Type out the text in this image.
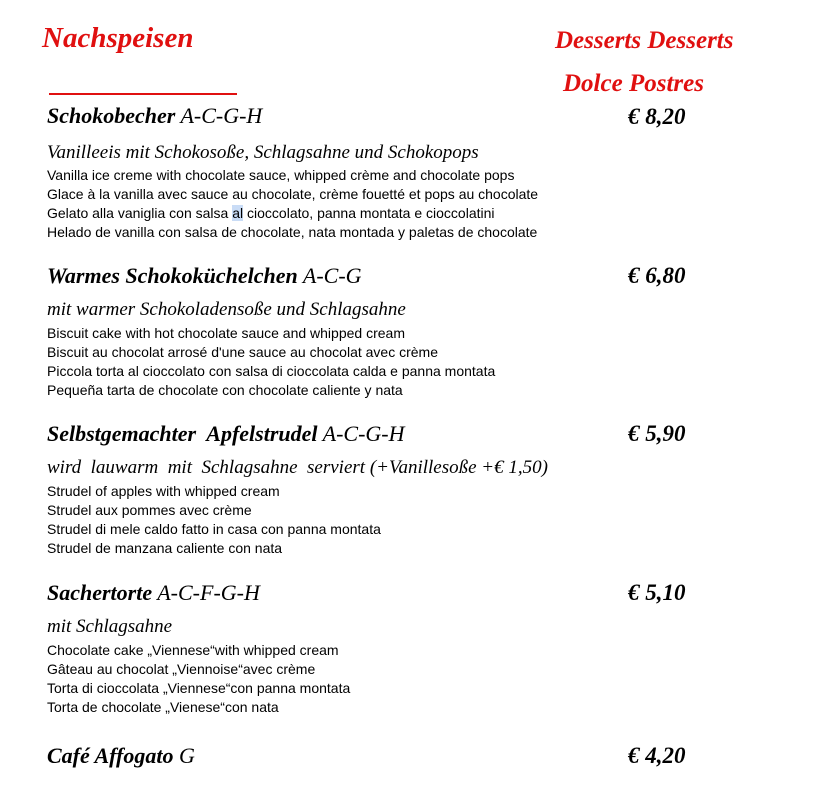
Nachspeisen	Desserts Desserts
Dolce Postres
Schokobecher A-C-G-H	€ 8,20
Vanilleeis mit Schokosoße, Schlagsahne und Schokopops
Vanilla ice creme with chocolate sauce, whipped crème and chocolate pops
Glace à la vanilla avec sauce au chocolate, crème fouetté et pops au chocolate
Gelato alla vaniglia con salsa al cioccolato, panna montata e cioccolatini
Helado de vanilla con salsa de chocolate, nata montada y paletas de chocolate
Warmes Schokoküchelchen A-C-G	€ 6,80
mit warmer Schokoladensoße und Schlagsahne
Biscuit cake with hot chocolate sauce and whipped cream
Biscuit au chocolat arrosé d'une sauce au chocolat avec crème
Piccola torta al cioccolato con salsa di cioccolata calda e panna montata
Pequeña tarta de chocolate con chocolate caliente y nata
Selbstgemachter  Apfelstrudel A-C-G-H	€ 5,90
wird  lauwarm  mit  Schlagsahne  serviert (+Vanillesoße +€ 1,50)
Strudel of apples with whipped cream
Strudel aux pommes avec crème
Strudel di mele caldo fatto in casa con panna montata
Strudel de manzana caliente con nata
Sachertorte A-C-F-G-H	€ 5,10
mit Schlagsahne
Chocolate cake „Viennese“with whipped cream
Gâteau au chocolat „Viennoise“avec crème
Torta di cioccolata „Viennese“con panna montata
Torta de chocolate „Vienese“con nata
Café Affogato G	€ 4,20
